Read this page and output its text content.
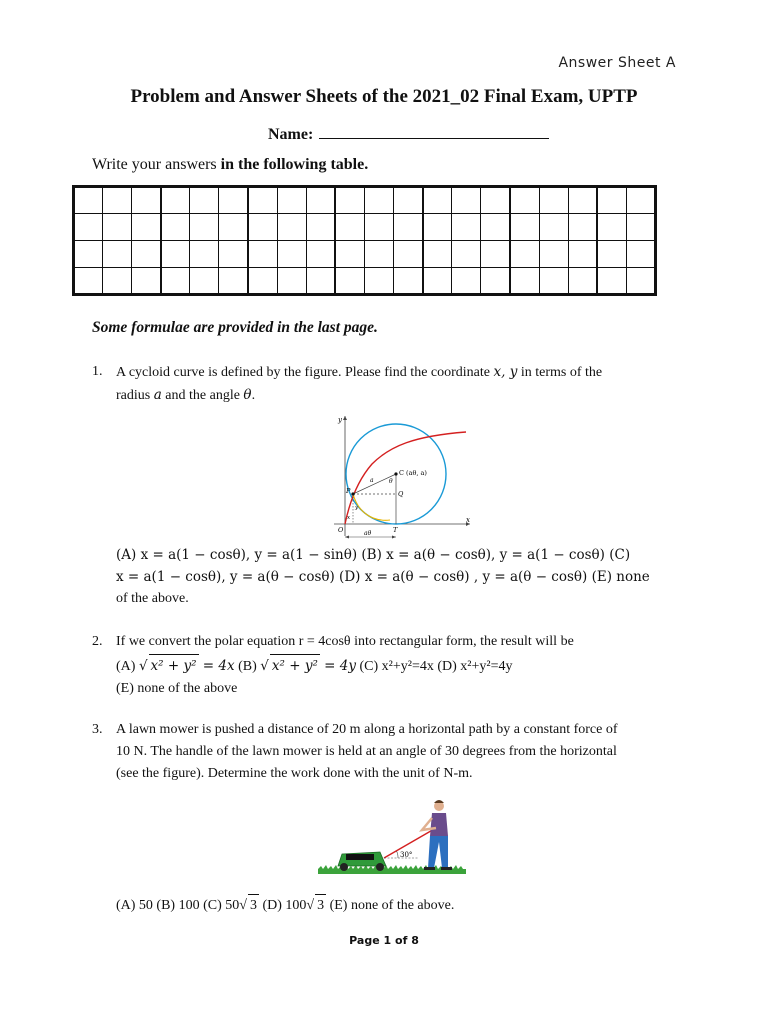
Answer Sheet A
Problem and Answer Sheets of the 2021_02 Final Exam, UPTP
Name:
Write your answers in the following table.

Some formulae are provided in the last page.
1. A cycloid curve is defined by the figure. Please find the coordinate x, y in terms of the
radius a and the angle θ.
y
x
C (aθ, a)
θ
a
P	Q
O	T
y
x
aθ
(A) x = a(1 − cosθ), y = a(1 − sinθ) (B) x = a(θ − cosθ), y = a(1 − cosθ) (C)
x = a(1 − cosθ), y = a(θ − cosθ) (D) x = a(θ − cosθ) , y = a(θ − cosθ) (E) none
of the above.
2. If we convert the polar equation r = 4cosθ into rectangular form, the result will be
(A) √ x² + y² = 4x (B) √ x² + y² = 4y (C) x²+y²=4x (D) x²+y²=4y
(E) none of the above
3. A lawn mower is pushed a distance of 20 m along a horizontal path by a constant force of
10 N. The handle of the lawn mower is held at an angle of 30 degrees from the horizontal
(see the figure). Determine the work done with the unit of N-m.
30°
(A) 50 (B) 100 (C) 50√ 3 (D) 100√ 3 (E) none of the above.
Page 1 of 8
